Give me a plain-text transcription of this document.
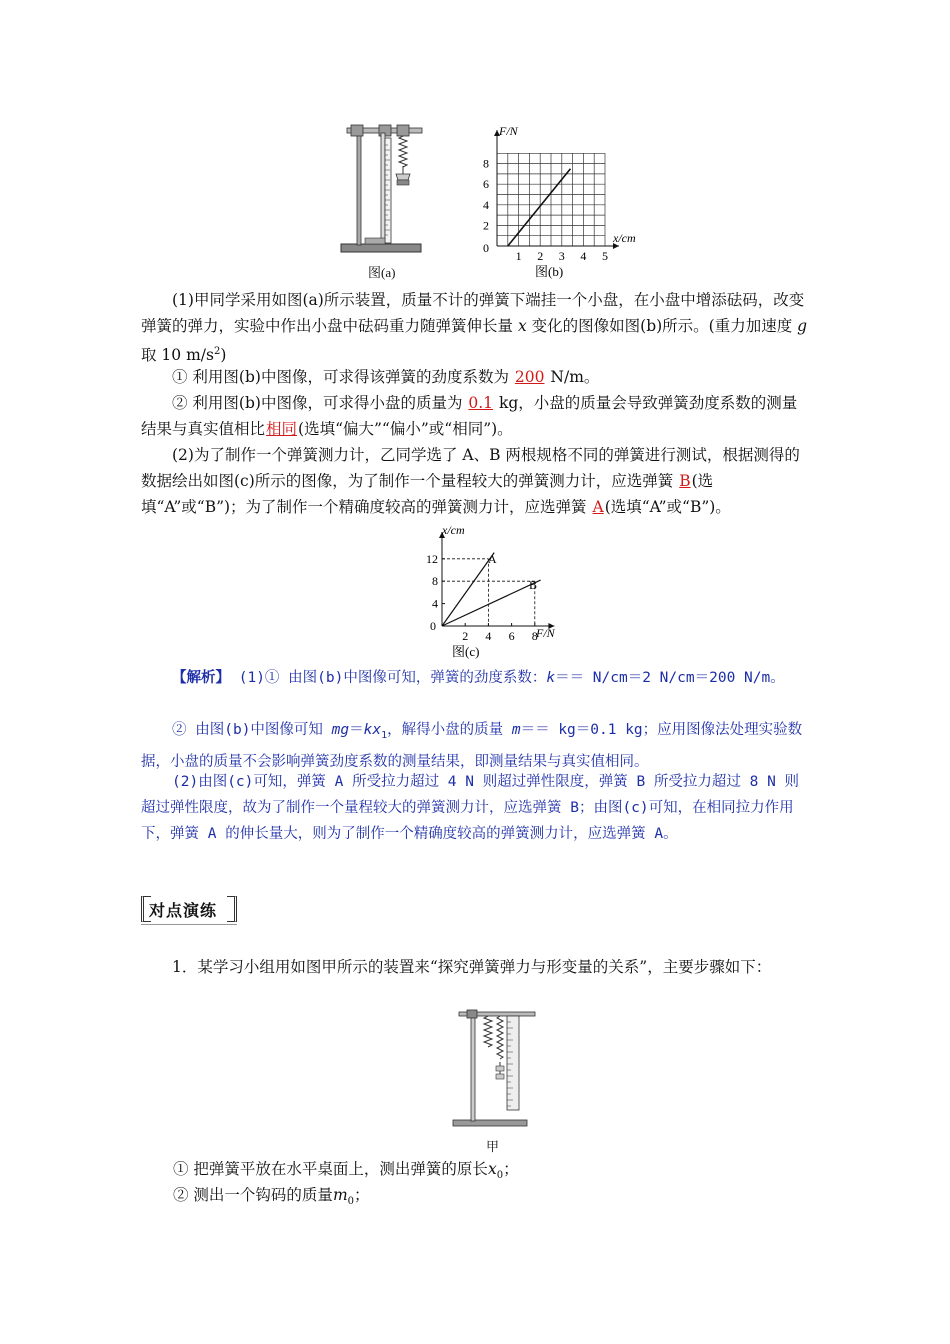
图(a)
2
4
6
8
1 2 3 4 5
F/N
x/cm
0
图(b)

(1)甲同学采用如图(a)所示装置，质量不计的弹簧下端挂一个小盘，在小盘中增添砝码，改变弹簧的弹力，实验中作出小盘中砝码重力随弹簧伸长量 x 变化的图像如图(b)所示。(重力加速度 g 取 10 $m/s^2$)

① 利用图(b)中图像，可求得该弹簧的劲度系数为 200 N/m。

② 利用图(b)中图像，可求得小盘的质量为 0.1 kg，小盘的质量会导致弹簧劲度系数的测量结果与真实值相比相同(选填“偏大”“偏小”或“相同”)。

(2)为了制作一个弹簧测力计，乙同学选了 A、B 两根规格不同的弹簧进行测试，根据测得的数据绘出如图(c)所示的图像，为了制作一个量程较大的弹簧测力计，应选弹簧 B(选填“A”或“B”)；为了制作一个精确度较高的弹簧测力计，应选弹簧 A(选填“A”或“B”)。

4
8
12
2 4 6 8
x/cm
F/N
0
A
B
图(c)

【解析】 (1)① 由图(b)中图像可知，弹簧的劲度系数：k＝＝ N/cm＝2 N/cm＝200 N/m。

② 由图(b)中图像可知 $mg=kx_1$，解得小盘的质量 m＝＝ kg＝0.1 kg；应用图像法处理实验数据，小盘的质量不会影响弹簧劲度系数的测量结果，即测量结果与真实值相同。

(2)由图(c)可知，弹簧 A 所受拉力超过 4 N 则超过弹性限度，弹簧 B 所受拉力超过 8 N 则超过弹性限度，故为了制作一个量程较大的弹簧测力计，应选弹簧 B；由图(c)可知，在相同拉力作用下，弹簧 A 的伸长量大，则为了制作一个精确度较高的弹簧测力计，应选弹簧 A。

对点演练

1．某学习小组用如图甲所示的装置来“探究弹簧弹力与形变量的关系”，主要步骤如下：

甲

① 把弹簧平放在水平桌面上，测出弹簧的原长$x_0$；

② 测出一个钩码的质量$m_0$；
